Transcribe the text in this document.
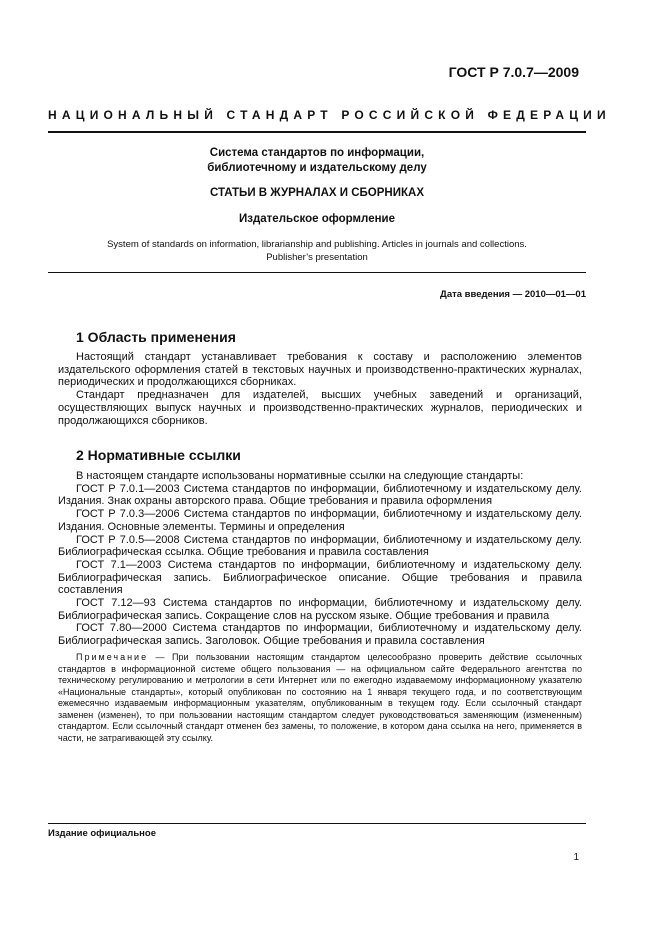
ГОСТ Р 7.0.7—2009
НАЦИОНАЛЬНЫЙ СТАНДАРТ РОССИЙСКОЙ ФЕДЕРАЦИИ
Система стандартов по информации,
библиотечному и издательскому делу
СТАТЬИ В ЖУРНАЛАХ И СБОРНИКАХ
Издательское оформление
System of standards on information, librarianship and publishing. Articles in journals and collections.
Publisher’s presentation
Дата введения — 2010—01—01
1 Область применения

Настоящий стандарт устанавливает требования к составу и расположению элементов издательского оформления статей в текстовых научных и производственно-практических журналах, периодических и продолжающихся сборниках.

Стандарт предназначен для издателей, высших учебных заведений и организаций, осуществляющих выпуск научных и производственно-практических журналов, периодических и продолжающихся сборников.

2 Нормативные ссылки

В настоящем стандарте использованы нормативные ссылки на следующие стандарты:

ГОСТ Р 7.0.1—2003 Система стандартов по информации, библиотечному и издательскому делу. Издания. Знак охраны авторского права. Общие требования и правила оформления

ГОСТ Р 7.0.3—2006 Система стандартов по информации, библиотечному и издательскому делу. Издания. Основные элементы. Термины и определения

ГОСТ Р 7.0.5—2008 Система стандартов по информации, библиотечному и издательскому делу. Библиографическая ссылка. Общие требования и правила составления

ГОСТ 7.1—2003 Система стандартов по информации, библиотечному и издательскому делу. Библиографическая запись. Библиографическое описание. Общие требования и правила составления

ГОСТ 7.12—93 Система стандартов по информации, библиотечному и издательскому делу. Библиографическая запись. Сокращение слов на русском языке. Общие требования и правила

ГОСТ 7.80—2000 Система стандартов по информации, библиотечному и издательскому делу. Библиографическая запись. Заголовок. Общие требования и правила составления

Примечание — При пользовании настоящим стандартом целесообразно проверить действие ссылочных стандартов в информационной системе общего пользования — на официальном сайте Федерального агентства по техническому регулированию и метрологии в сети Интернет или по ежегодно издаваемому информационному указателю «Национальные стандарты», который опубликован по состоянию на 1 января текущего года, и по соответствующим ежемесячно издаваемым информационным указателям, опубликованным в текущем году. Если ссылочный стандарт заменен (изменен), то при пользовании настоящим стандартом следует руководствоваться заменяющим (измененным) стандартом. Если ссылочный стандарт отменен без замены, то положение, в котором дана ссылка на него, применяется в части, не затрагивающей эту ссылку.

Издание официальное
1
